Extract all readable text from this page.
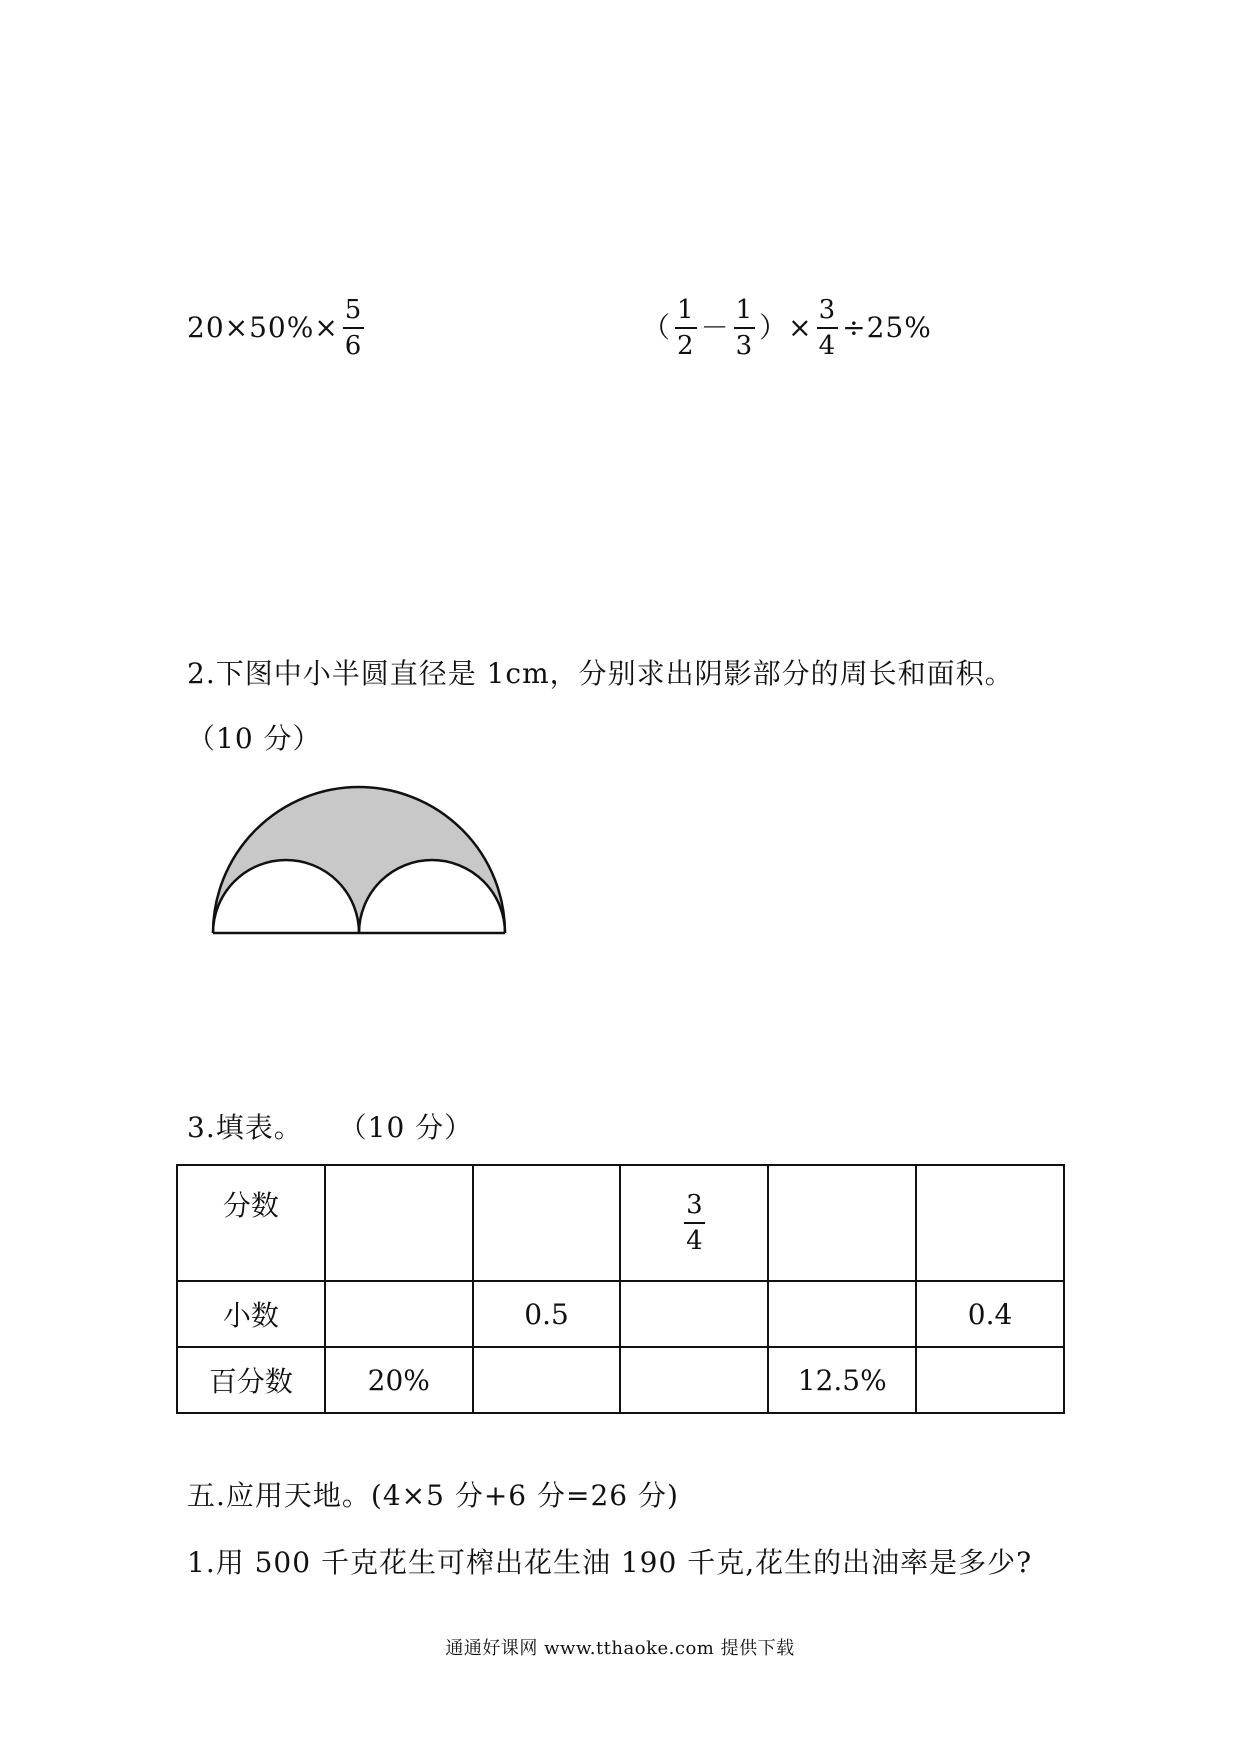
$20\times 50\%\times \frac{5}{6}$	（ $\frac{1}{2} - \frac{1}{3}$ ）× $\frac{3}{4} \div 25\%$
2.下图中小半圆直径是 1cm，分别求出阴影部分的周长和面积。
（10 分）
3.填表。 （10 分）
分数			$\frac{3}{4}$

小数		0.5			0.4
百分数	20%			12.5%	
五.应用天地。(4×5 分+6 分=26 分)
1.用 500 千克花生可榨出花生油 190 千克,花生的出油率是多少?
通通好课网 www.tthaoke.com 提供下载
